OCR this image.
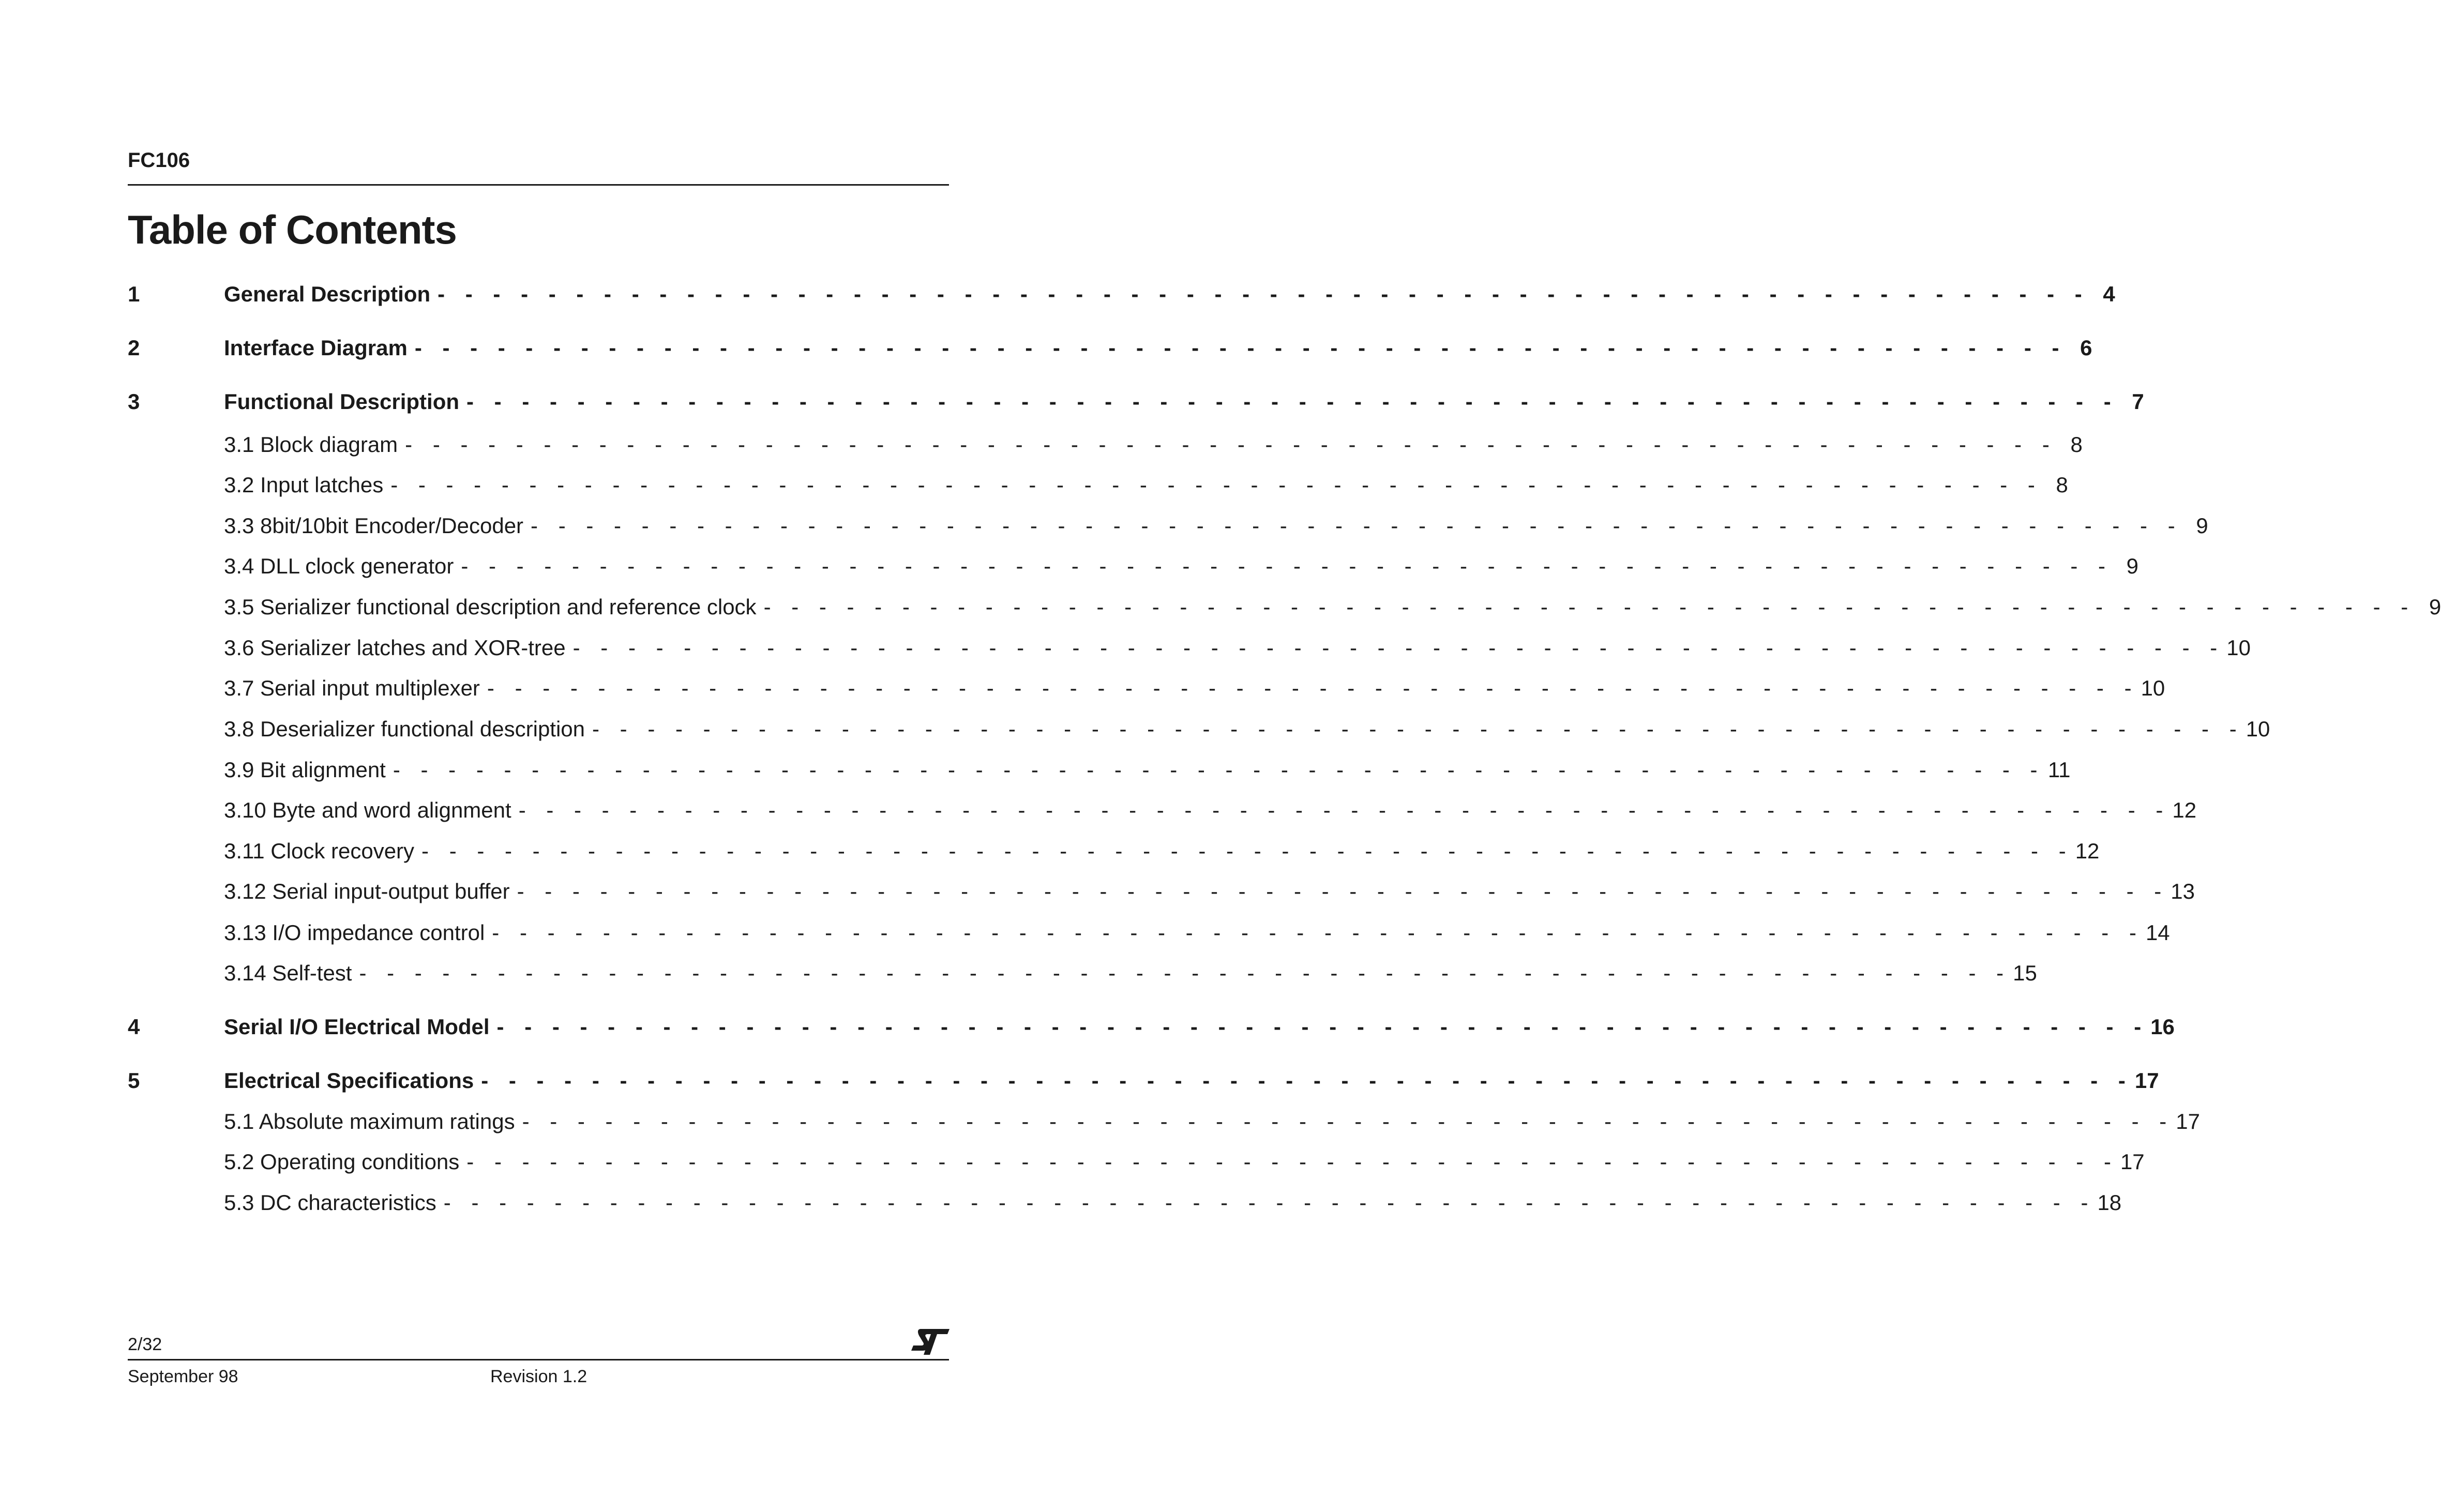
FC106
Table of Contents
1	General Description - - - - - - - - - - - - - - - - - - - - - - - - - - - - - - - - - - - - - - - - - - - - - - - - - - - - - - - - - - - - 4
2	Interface Diagram - - - - - - - - - - - - - - - - - - - - - - - - - - - - - - - - - - - - - - - - - - - - - - - - - - - - - - - - - - - - 6
3	Functional Description - - - - - - - - - - - - - - - - - - - - - - - - - - - - - - - - - - - - - - - - - - - - - - - - - - - - - - - - - - - - 7
3.1 Block diagram - - - - - - - - - - - - - - - - - - - - - - - - - - - - - - - - - - - - - - - - - - - - - - - - - - - - - - - - - - - - 8
3.2 Input latches - - - - - - - - - - - - - - - - - - - - - - - - - - - - - - - - - - - - - - - - - - - - - - - - - - - - - - - - - - - - 8
3.3 8bit/10bit Encoder/Decoder - - - - - - - - - - - - - - - - - - - - - - - - - - - - - - - - - - - - - - - - - - - - - - - - - - - - - - - - - - - - 9
3.4 DLL clock generator - - - - - - - - - - - - - - - - - - - - - - - - - - - - - - - - - - - - - - - - - - - - - - - - - - - - - - - - - - - - 9
3.5 Serializer functional description and reference clock - - - - - - - - - - - - - - - - - - - - - - - - - - - - - - - - - - - - - - - - - - - - - - - - - - - - - - - - - - - - 9
3.6 Serializer latches and XOR-tree - - - - - - - - - - - - - - - - - - - - - - - - - - - - - - - - - - - - - - - - - - - - - - - - - - - - - - - - - - - - 10
3.7 Serial input multiplexer - - - - - - - - - - - - - - - - - - - - - - - - - - - - - - - - - - - - - - - - - - - - - - - - - - - - - - - - - - - - 10
3.8 Deserializer functional description - - - - - - - - - - - - - - - - - - - - - - - - - - - - - - - - - - - - - - - - - - - - - - - - - - - - - - - - - - - - 10
3.9 Bit alignment - - - - - - - - - - - - - - - - - - - - - - - - - - - - - - - - - - - - - - - - - - - - - - - - - - - - - - - - - - - - 11
3.10 Byte and word alignment - - - - - - - - - - - - - - - - - - - - - - - - - - - - - - - - - - - - - - - - - - - - - - - - - - - - - - - - - - - - 12
3.11 Clock recovery - - - - - - - - - - - - - - - - - - - - - - - - - - - - - - - - - - - - - - - - - - - - - - - - - - - - - - - - - - - - 12
3.12 Serial input-output buffer - - - - - - - - - - - - - - - - - - - - - - - - - - - - - - - - - - - - - - - - - - - - - - - - - - - - - - - - - - - - 13
3.13 I/O impedance control - - - - - - - - - - - - - - - - - - - - - - - - - - - - - - - - - - - - - - - - - - - - - - - - - - - - - - - - - - - - 14
3.14 Self-test - - - - - - - - - - - - - - - - - - - - - - - - - - - - - - - - - - - - - - - - - - - - - - - - - - - - - - - - - - - - 15
4	Serial I/O Electrical Model - - - - - - - - - - - - - - - - - - - - - - - - - - - - - - - - - - - - - - - - - - - - - - - - - - - - - - - - - - - - 16
5	Electrical Specifications - - - - - - - - - - - - - - - - - - - - - - - - - - - - - - - - - - - - - - - - - - - - - - - - - - - - - - - - - - - - 17
5.1 Absolute maximum ratings - - - - - - - - - - - - - - - - - - - - - - - - - - - - - - - - - - - - - - - - - - - - - - - - - - - - - - - - - - - - 17
5.2 Operating conditions - - - - - - - - - - - - - - - - - - - - - - - - - - - - - - - - - - - - - - - - - - - - - - - - - - - - - - - - - - - - 17
5.3 DC characteristics - - - - - - - - - - - - - - - - - - - - - - - - - - - - - - - - - - - - - - - - - - - - - - - - - - - - - - - - - - - - 18
2/32
September 98	Revision 1.2
